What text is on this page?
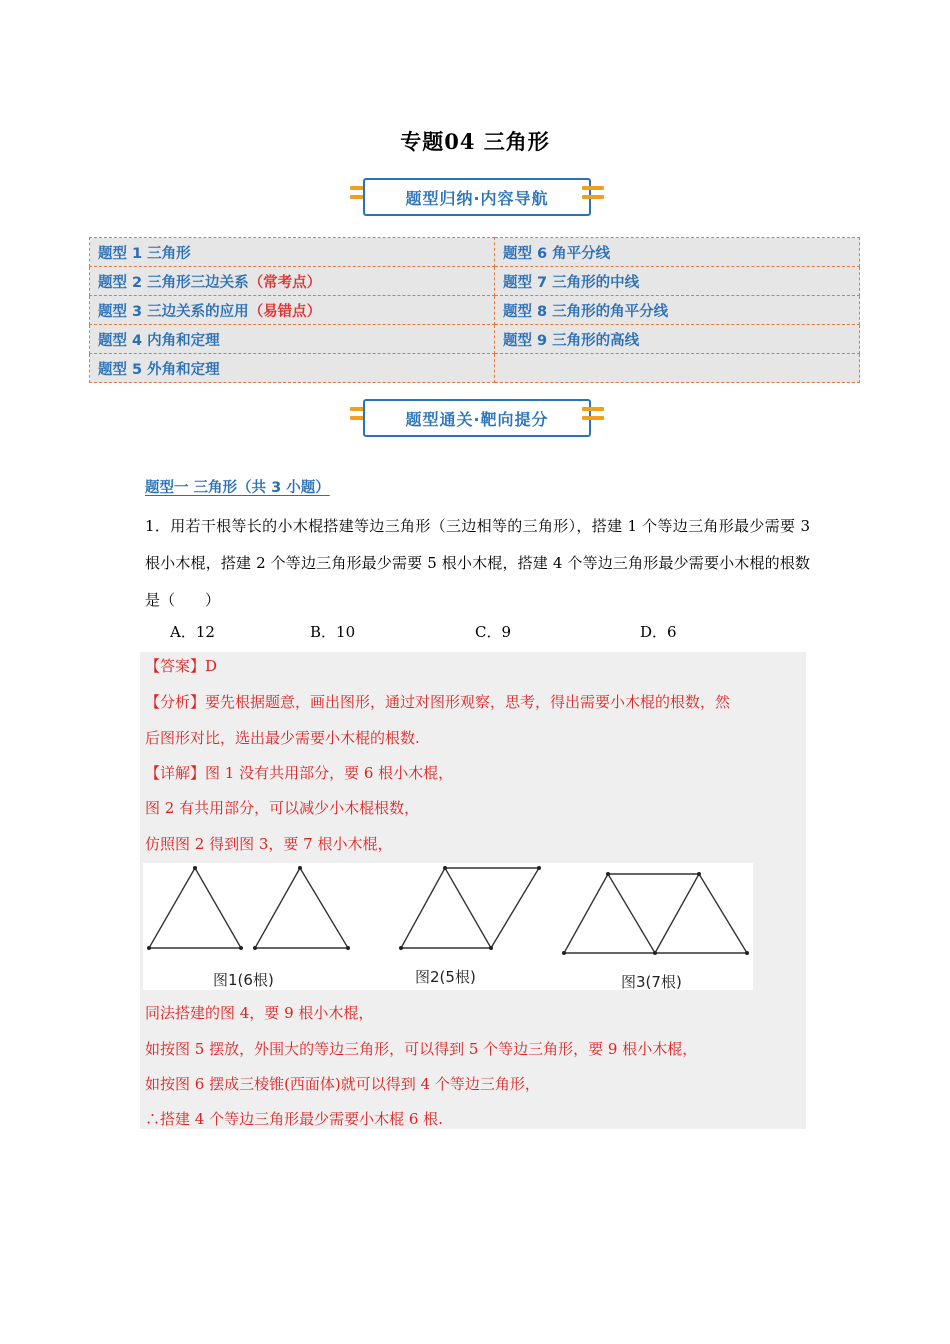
专题04 三角形
题型归纳·内容导航
题型 1 三角形	题型 6 角平分线
题型 2 三角形三边关系（常考点）	题型 7 三角形的中线
题型 3 三边关系的应用（易错点）	题型 8 三角形的角平分线
题型 4 内角和定理	题型 9 三角形的高线
题型 5 外角和定理	
题型通关·靶向提分
题型一 三角形（共 3 小题）
1．用若干根等长的小木棍搭建等边三角形（三边相等的三角形），搭建 1 个等边三角形最少需要 3 根小木棍，搭建 2 个等边三角形最少需要 5 根小木棍，搭建 4 个等边三角形最少需要小木棍的根数是（　　）
A．12	B．10	C．9	D．6
【答案】D
【分析】要先根据题意，画出图形，通过对图形观察，思考，得出需要小木棍的根数，然
后图形对比，选出最少需要小木棍的根数.
【详解】图 1 没有共用部分，要 6 根小木棍，
图 2 有共用部分，可以减少小木棍根数，
仿照图 2 得到图 3，要 7 根小木棍，
图1(6根)	图2(5根)	图3(7根)
同法搭建的图 4，要 9 根小木棍，
如按图 5 摆放，外围大的等边三角形，可以得到 5 个等边三角形，要 9 根小木棍，
如按图 6 摆成三棱锥(西面体)就可以得到 4 个等边三角形，
∴搭建 4 个等边三角形最少需要小木棍 6 根.
